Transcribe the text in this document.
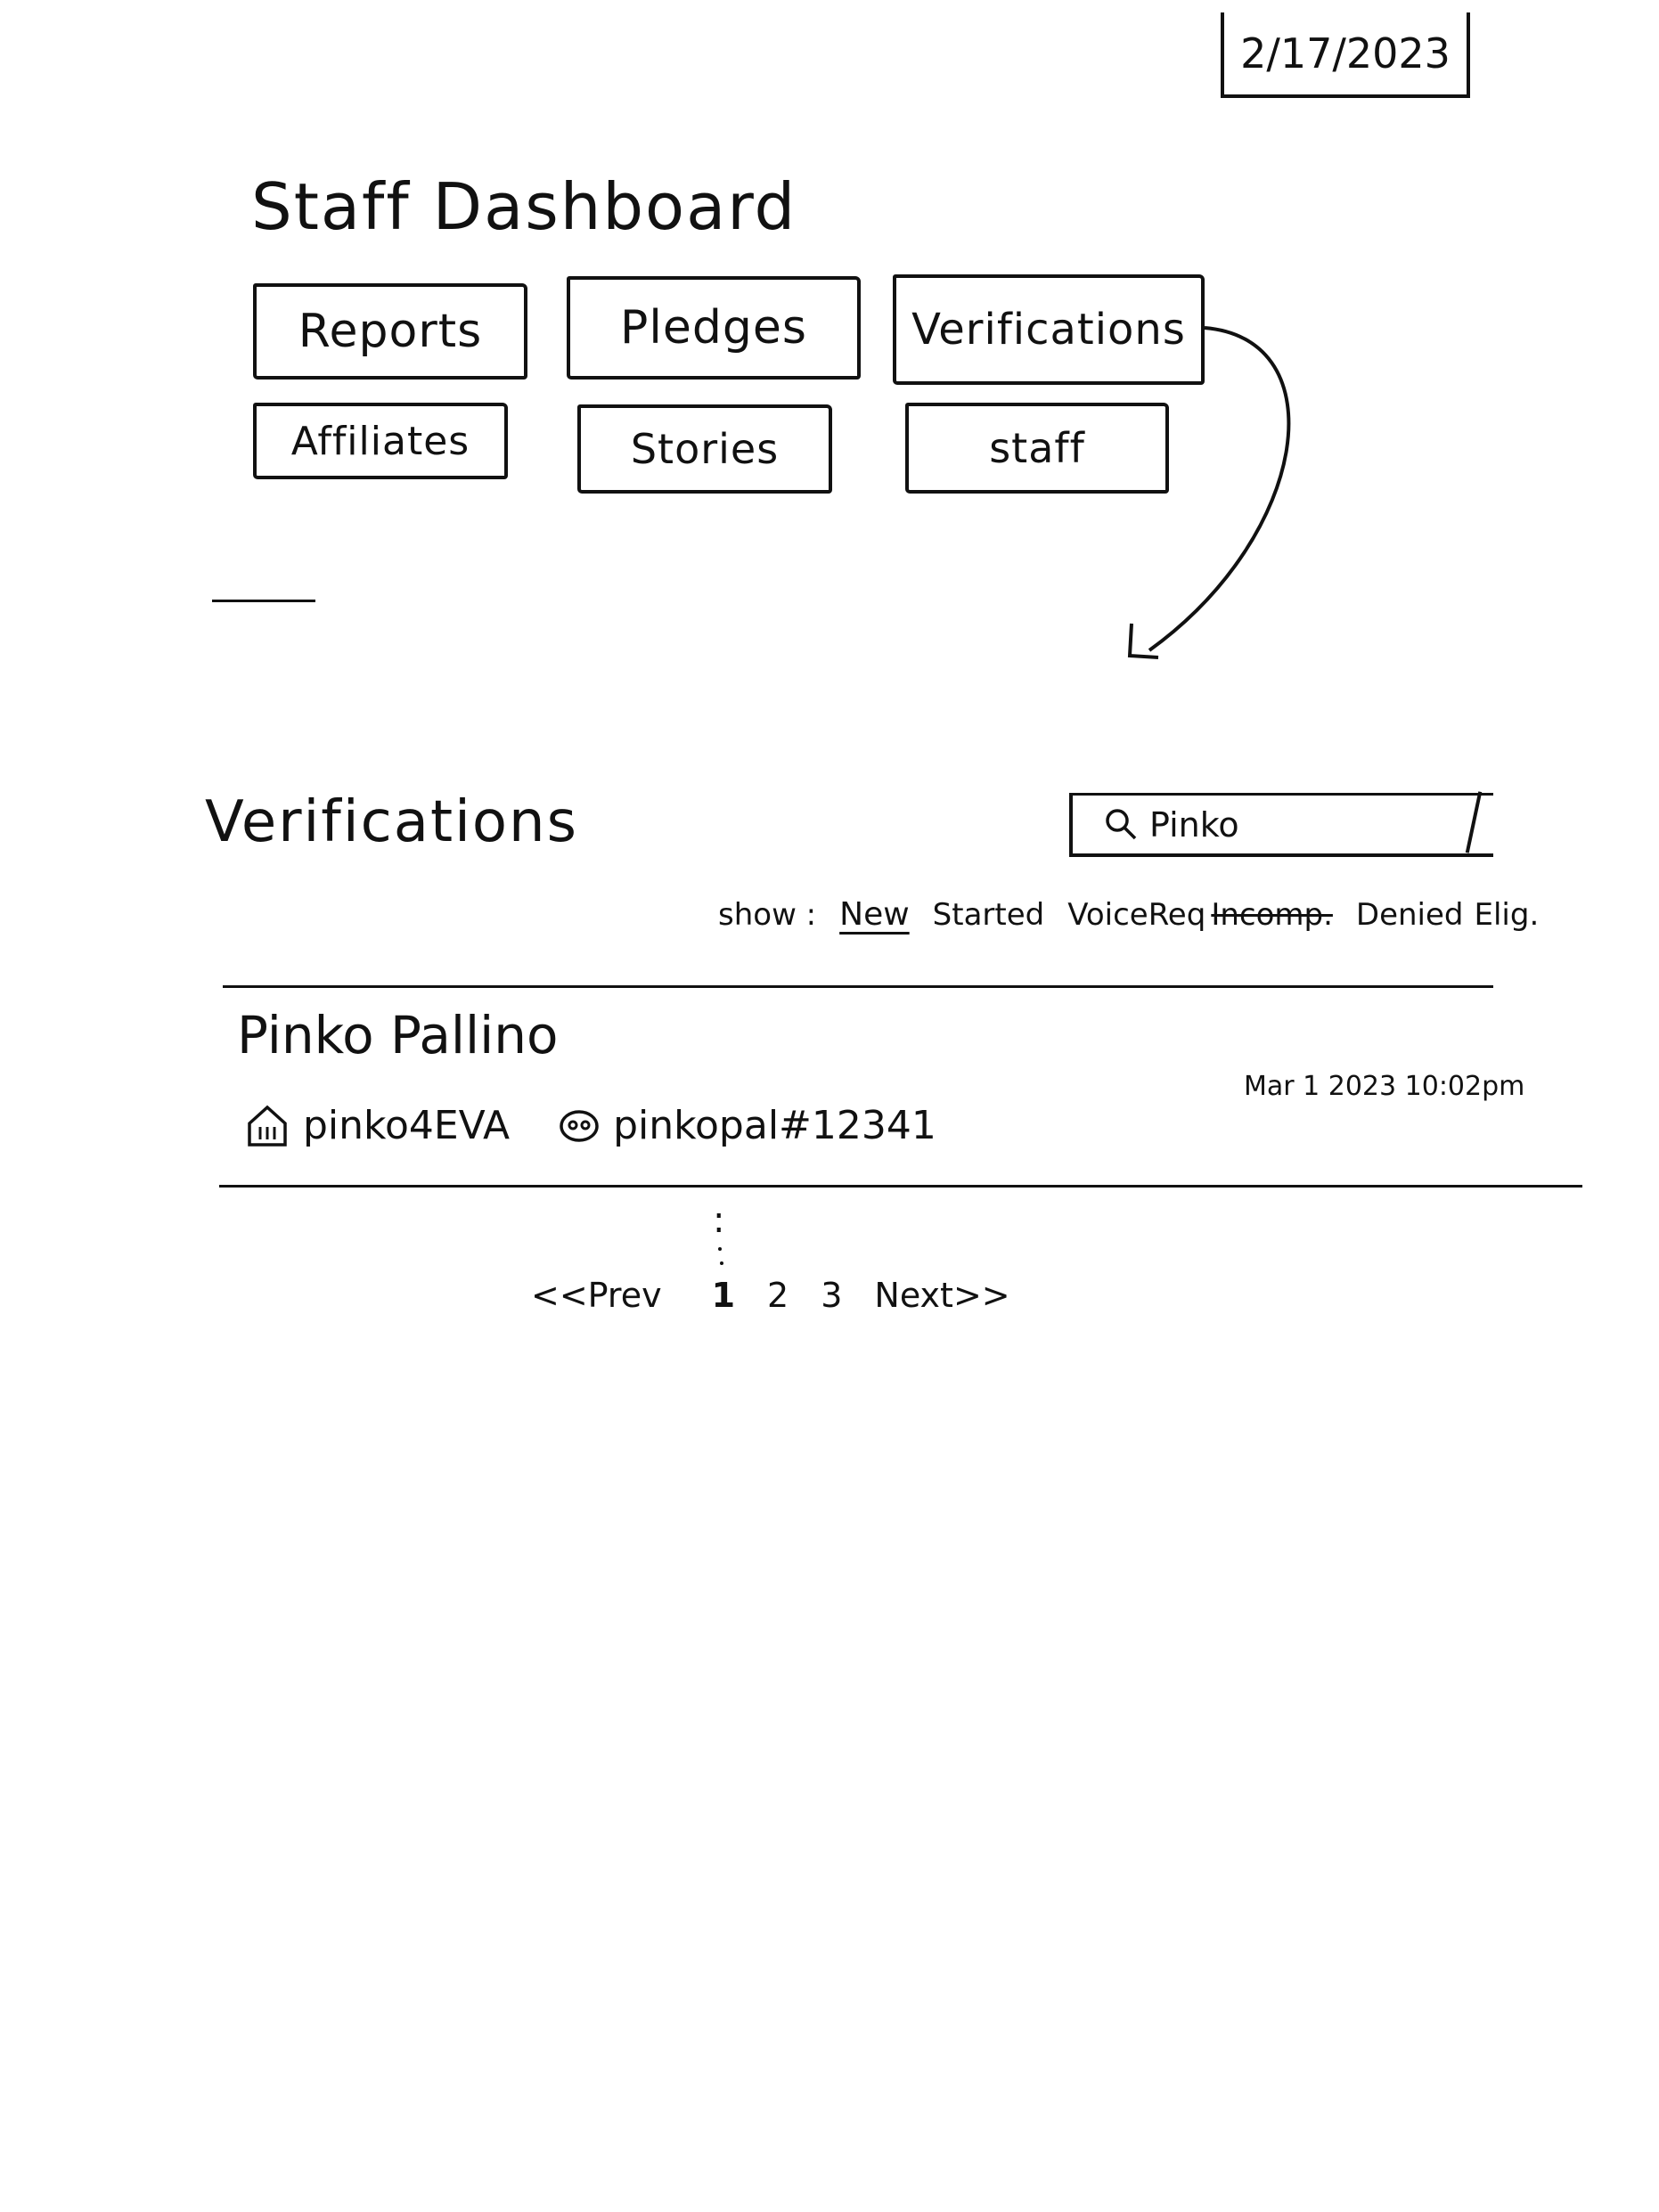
2/17/2023
Staff Dashboard
Reports	Pledges	Verifications
Affiliates	Stories	staff
Verifications	Pinko
show : New Started VoiceReq Incomp. Denied Elig.
Pinko Pallino
Mar 1 2023 10:02pm
pinko4EVA	pinkopal#12341
:
<<Prev 1 2 3 Next>>
